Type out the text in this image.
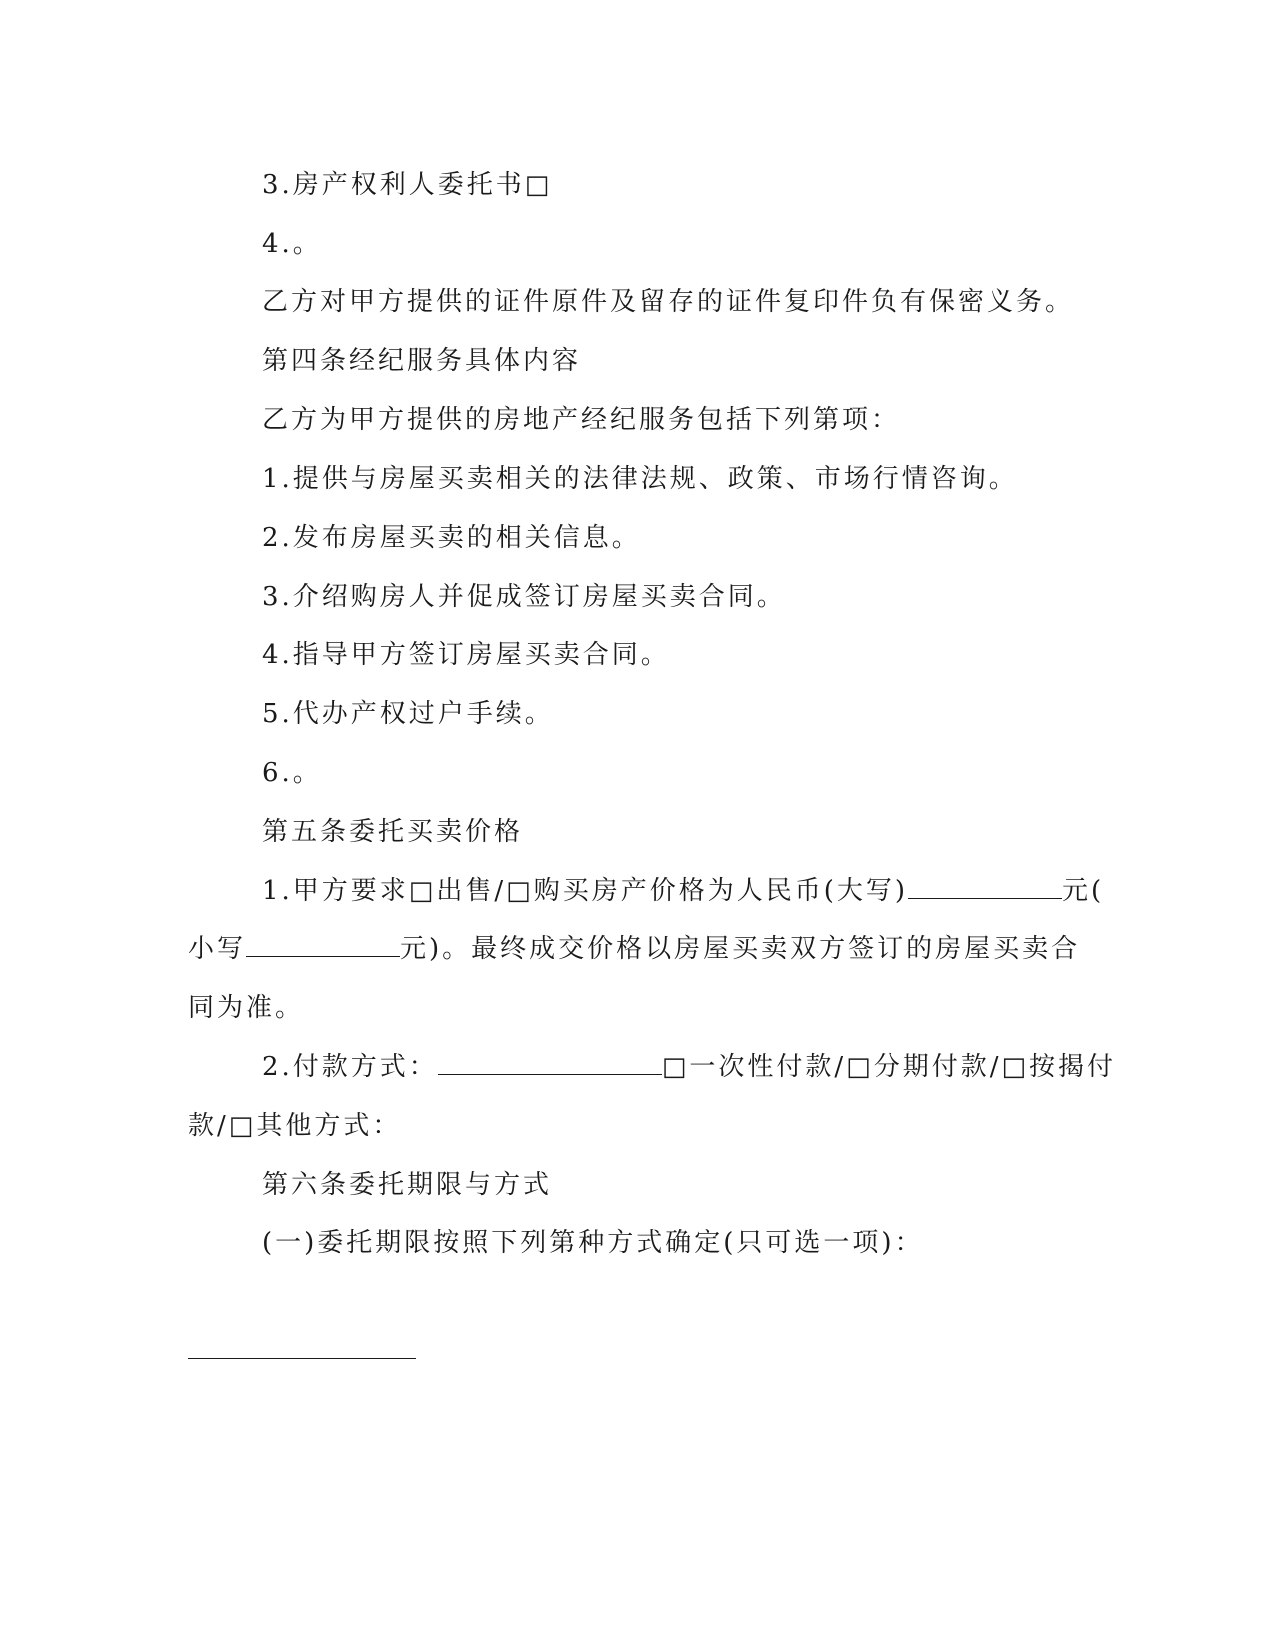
3.房产权利人委托书□
4.。
乙方对甲方提供的证件原件及留存的证件复印件负有保密义务。
第四条经纪服务具体内容
乙方为甲方提供的房地产经纪服务包括下列第项：
1.提供与房屋买卖相关的法律法规、政策、市场行情咨询。
2.发布房屋买卖的相关信息。
3.介绍购房人并促成签订房屋买卖合同。
4.指导甲方签订房屋买卖合同。
5.代办产权过户手续。
6.。
第五条委托买卖价格
1.甲方要求□出售/□购买房产价格为人民币(大写)	元(
小写	元)。最终成交价格以房屋买卖双方签订的房屋买卖合
同为准。
2.付款方式：	□一次性付款/□分期付款/□按揭付
款/□其他方式：
第六条委托期限与方式
(一)委托期限按照下列第种方式确定(只可选一项)：
